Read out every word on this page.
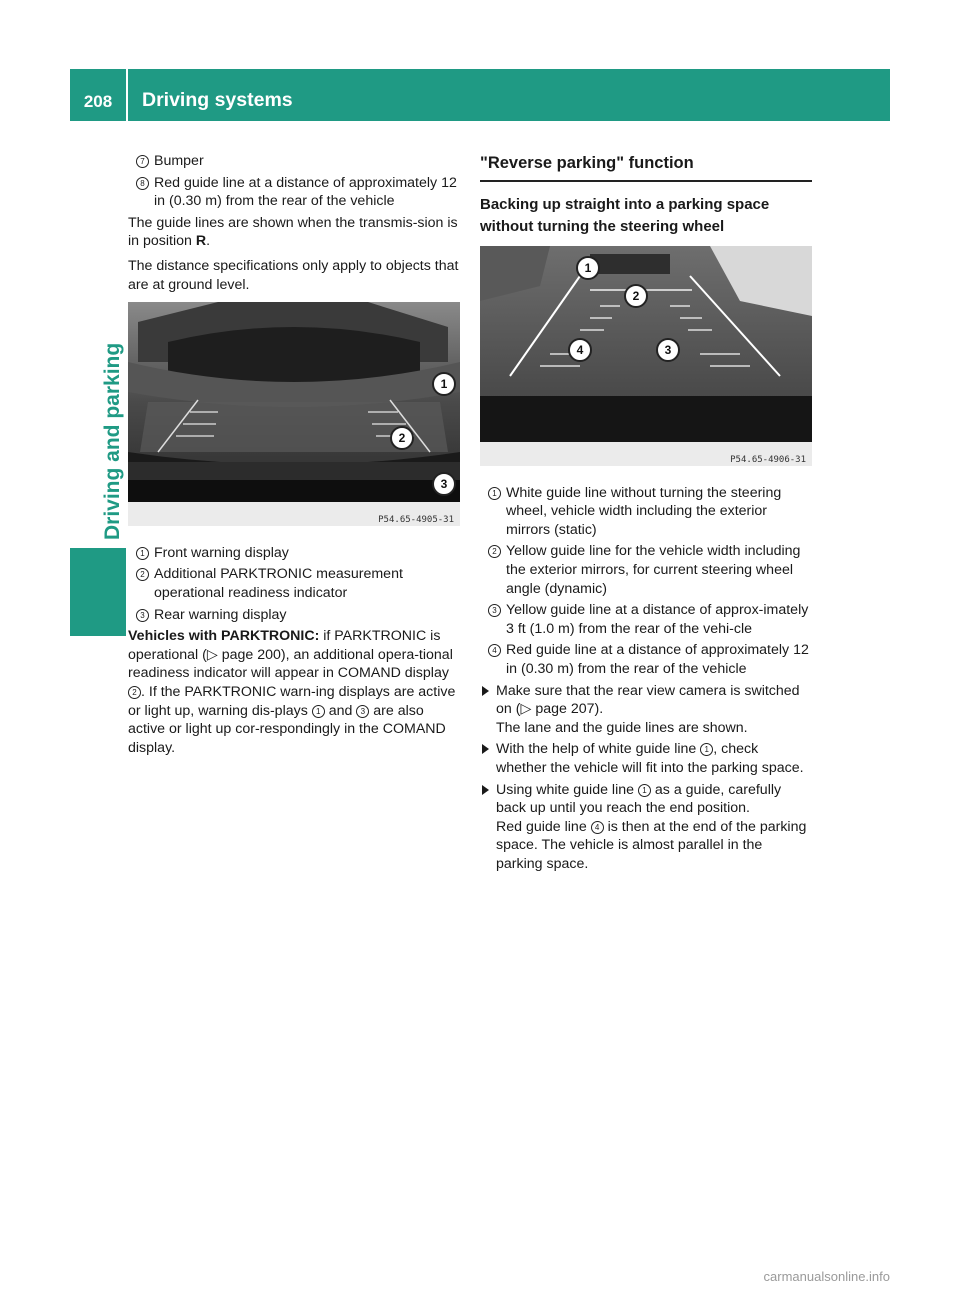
208	Driving systems
Driving and parking
7 Bumper
8 Red guide line at a distance of approximately 12 in (0.30 m) from the rear of the vehicle

The guide lines are shown when the transmis-sion is in position R.

The distance specifications only apply to objects that are at ground level.

1
2
3
P54.65-4905-31
1 Front warning display
2 Additional PARKTRONIC measurement operational readiness indicator
3 Rear warning display

Vehicles with PARKTRONIC: if PARKTRONIC is operational (▷ page 200), an additional opera-tional readiness indicator will appear in COMAND display 2 . If the PARKTRONIC warn-ing displays are active or light up, warning dis-plays 1 and 3 are also active or light up cor-respondingly in the COMAND display.

"Reverse parking" function
Backing up straight into a parking space without turning the steering wheel
1
2
3
4
P54.65-4906-31
1 White guide line without turning the steering wheel, vehicle width including the exterior mirrors (static)
2 Yellow guide line for the vehicle width including the exterior mirrors, for current steering wheel angle (dynamic)
3 Yellow guide line at a distance of approx-imately 3 ft (1.0 m) from the rear of the vehi-cle
4 Red guide line at a distance of approximately 12 in (0.30 m) from the rear of the vehicle
Make sure that the rear view camera is switched on (▷ page 207).
The lane and the guide lines are shown.
With the help of white guide line 1 , check whether the vehicle will fit into the parking space.
Using white guide line 1 as a guide, carefully back up until you reach the end position.
Red guide line 4 is then at the end of the parking space. The vehicle is almost parallel in the parking space.
carmanualsonline.info
